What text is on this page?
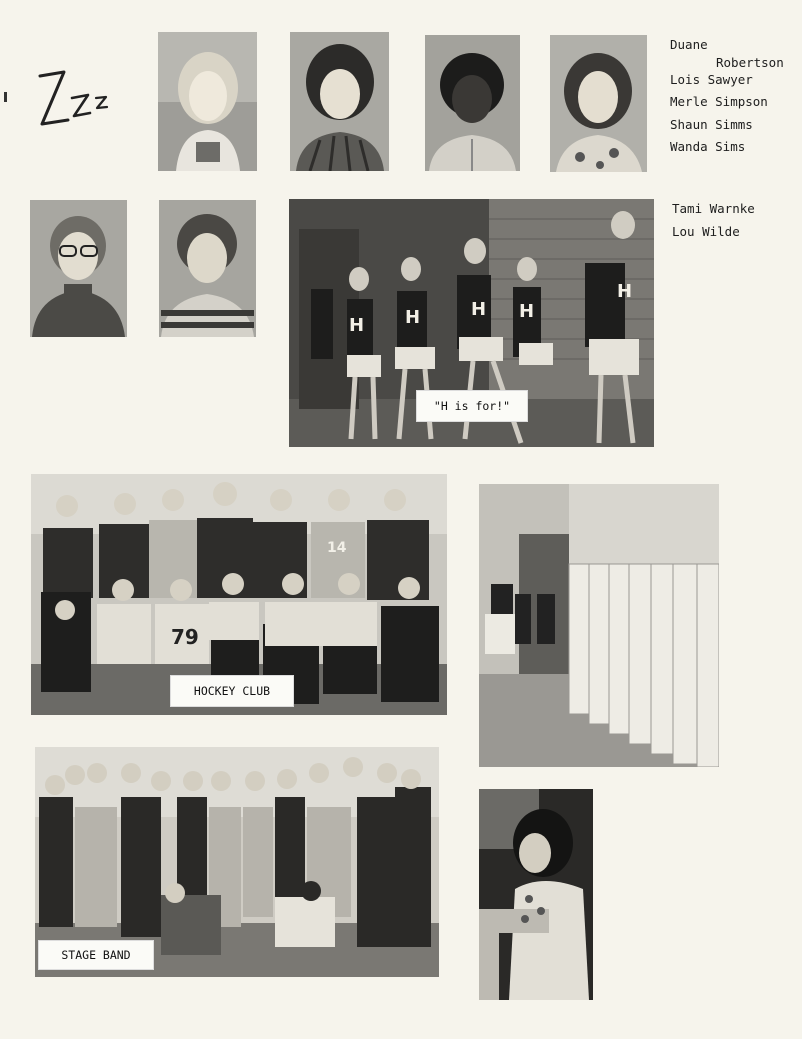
Duane
Robertson
Lois Sawyer
Merle Simpson
Shaun Simms
Wanda Sims
H H	H H
H
"H is for!"
Tami Warnke
Lou Wilde
14
79
HOCKEY CLUB
STAGE BAND
